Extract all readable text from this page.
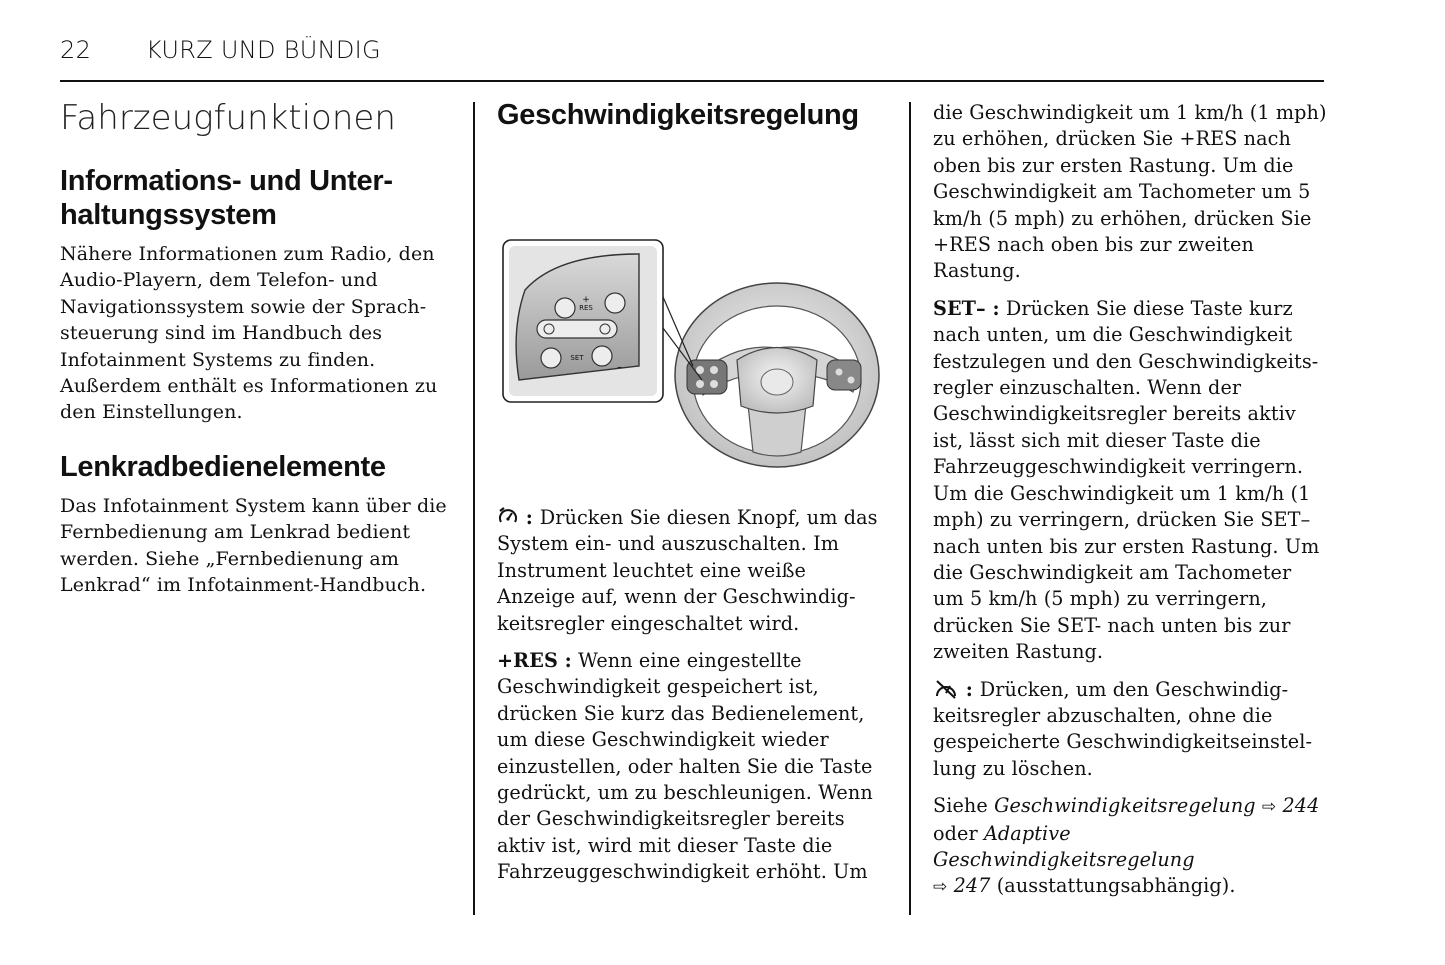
22 KURZ UND BÜNDIG
Fahrzeugfunktionen
Informations- und Unter-
haltungssystem

Nähere Informationen zum Radio, den Audio-Playern, dem Telefon- und Navigationssystem sowie der Sprachsteuerung sind im Handbuch des Infotainment Systems zu finden. Außerdem enthält es Informationen zu den Einstellungen.

Lenkradbedienelemente

Das Infotainment System kann über die Fernbedienung am Lenkrad bedient werden. Siehe „Fernbedienung am Lenkrad“ im Infotainment-Handbuch.

Geschwindigkeitsregelung
RES
+
SET
–

: Drücken Sie diesen Knopf, um das System ein- und auszuschalten. Im Instrument leuchtet eine weiße Anzeige auf, wenn der Geschwindigkeitsregler eingeschaltet wird.

+RES : Wenn eine eingestellte Geschwindigkeit gespeichert ist, drücken Sie kurz das Bedienelement, um diese Geschwindigkeit wieder einzustellen, oder halten Sie die Taste gedrückt, um zu beschleunigen. Wenn der Geschwindigkeitsregler bereits aktiv ist, wird mit dieser Taste die Fahrzeuggeschwindigkeit erhöht. Um

die Geschwindigkeit um 1 km/h (1 mph) zu erhöhen, drücken Sie +RES nach oben bis zur ersten Rastung. Um die Geschwindigkeit am Tachometer um 5 km/h (5 mph) zu erhöhen, drücken Sie +RES nach oben bis zur zweiten Rastung.

SET– : Drücken Sie diese Taste kurz nach unten, um die Geschwindigkeit festzulegen und den Geschwindigkeitsregler einzuschalten. Wenn der Geschwindigkeitsregler bereits aktiv ist, lässt sich mit dieser Taste die Fahrzeuggeschwindigkeit verringern. Um die Geschwindigkeit um 1 km/h (1 mph) zu verringern, drücken Sie SET– nach unten bis zur ersten Rastung. Um die Geschwindigkeit am Tachometer um 5 km/h (5 mph) zu verringern, drücken Sie SET- nach unten bis zur zweiten Rastung.

: Drücken, um den Geschwindigkeitsregler abzuschalten, ohne die gespeicherte Geschwindigkeitseinstellung zu löschen.

Siehe Geschwindigkeitsregelung ⇨ 244
oder Adaptive Geschwindigkeitsregelung
⇨ 247 (ausstattungsabhängig).
